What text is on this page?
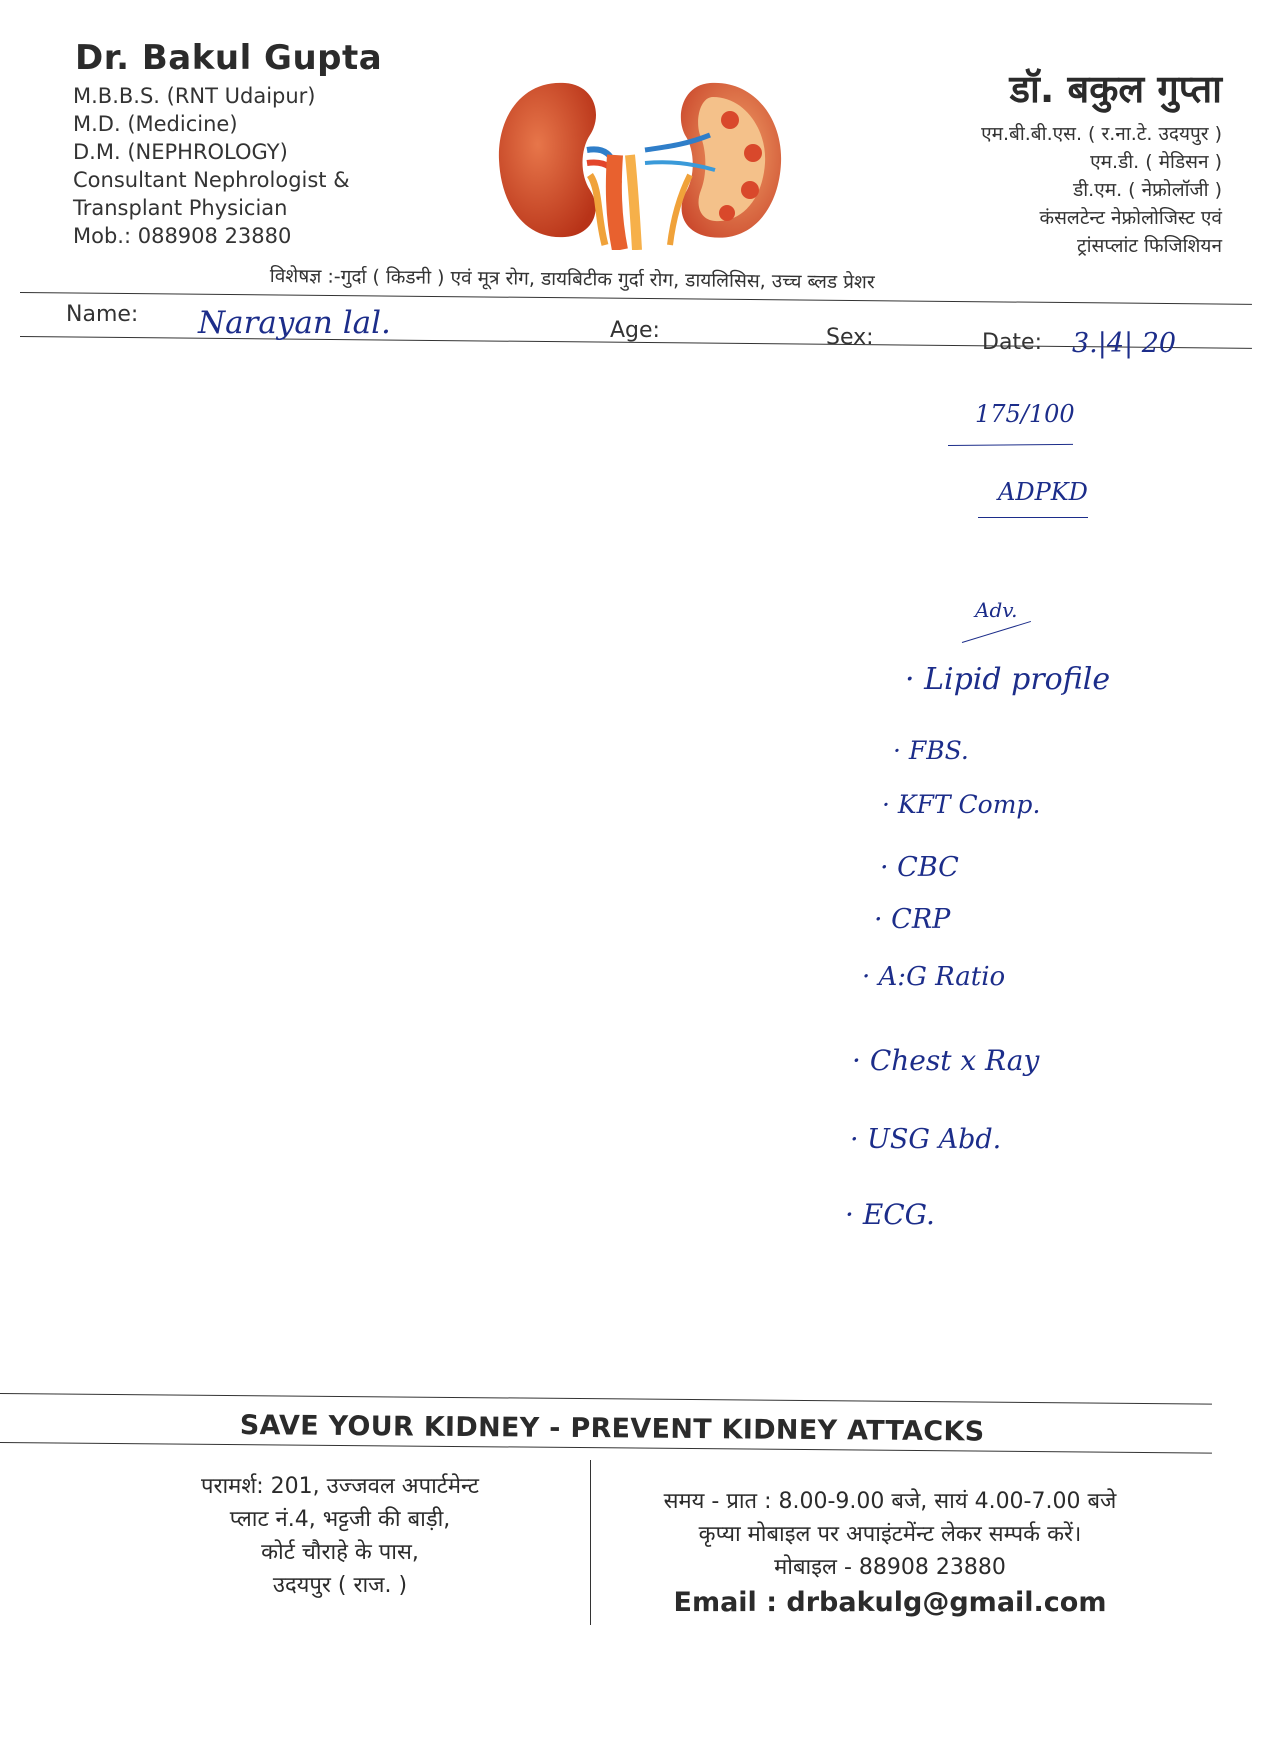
Dr. Bakul Gupta
M.B.B.S. (RNT Udaipur)
M.D. (Medicine)
D.M. (NEPHROLOGY)
Consultant Nephrologist &
Transplant Physician
Mob.: 088908 23880
डॉ. बकुल गुप्ता
एम.बी.बी.एस. ( र.ना.टे. उदयपुर )
एम.डी. ( मेडिसन )
डी.एम. ( नेफ्रोलॉजी )
कंसलटेन्ट नेफ्रोलोजिस्ट एवं
ट्रांसप्लांट फिजिशियन
विशेषज्ञ :-गुर्दा ( किडनी ) एवं मूत्र रोग, डायबिटीक गुर्दा रोग, डायलिसिस, उच्च ब्लड प्रेशर
Name: Narayan lal.	Age:	Sex:	Date: 3.|4| 20
175/100
ADPKD
Adv.
· Lipid profile
· FBS.
· KFT Comp.
· CBC
· CRP
· A:G Ratio
· Chest x Ray
· USG Abd.
· ECG.
SAVE YOUR KIDNEY - PREVENT KIDNEY ATTACKS
परामर्श: 201, उज्जवल अपार्टमेन्ट
प्लाट नं.4, भट्टजी की बाड़ी,
कोर्ट चौराहे के पास,
उदयपुर ( राज. )
समय - प्रात : 8.00-9.00 बजे, सायं 4.00-7.00 बजे
कृप्या मोबाइल पर अपाइंटमेंन्ट लेकर सम्पर्क करें।
मोबाइल - 88908 23880
Email : drbakulg@gmail.com
